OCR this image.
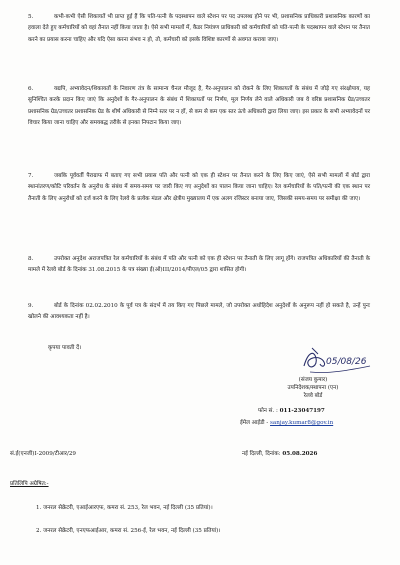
5.	कभी-कभी ऐसी शिकायतें भी प्राप्त हुई हैं कि पति-पत्नी के पदस्थापन वाले स्टेशन पर पद उपलब्ध होने पर भी, प्रशासनिक प्राधिकारी प्रशासनिक कारणों का हवाला देते हुए कर्मचारियों को वहां तैनात नहीं किया जाता है। ऐसे सभी मामलों में, कैडर नियंत्रण प्राधिकारी को कर्मचारियों को पति-पत्नी के पदस्थापन वाले स्टेशन पर तैनात करने का प्रयास करना चाहिए और यदि ऐसा करना संभव न हो, तो, कर्मचारी को इसके विशिष्ट कारणों से अवगत कराया जाए।

6.	यद्यपि, अभ्यावेदन/शिकायतों के निवारण तंत्र के सामान्य चैनल मौजूद है, गैर-अनुपालन को रोकने के लिए शिकायतों के संबंध में जोड़े गए संरक्षोपाय, यह सुनिश्चित करके प्रदान किए जाएं कि अनुदेशों के गैर-अनुपालन के संबंध में शिकायतों पर निर्णय, मूल निर्णय लेने वाले अधिकारी जब वे वरिष्ठ प्रशासनिक ग्रेड/उच्चतर प्रशासनिक ग्रेड/उच्चतर प्रशासनिक ग्रेड के शीर्ष अधिकारी से निम्ने स्तर पर न हों, से कम से कम एक स्तर ऊंचे अधिकारी द्वारा लिया जाए। इस प्रकार के सभी अभ्यावेदनों पर विचार किया जाना चाहिए और समयबद्ध तरीके से इनका निपटान किया जाए।

7.	जबकि पूर्ववर्ती पैराग्राफ में बताए गए सभी प्रयास पति और पत्नी को एक ही स्टेशन पर तैनात करने के लिए किए जाएं, ऐसे सभी मामलों में बोर्ड द्वारा स्थानांतरण/कोटि परिवर्तन के अनुरोध के संबंध में समय-समय पर जारी किए गए अनुदेशों का पालन किया जाना चाहिए। रेल कर्मचारियों के पति/पत्नी की एक स्थान पर तैनाती के लिए अनुरोधों को दर्ज करने के लिए रेलवे के प्रत्येक मंडल और क्षेत्रीय मुख्यालय में एक अलग रजिस्टर बनाया जाए, जिसकी समय-समय पर समीक्षा की जाए।

8.	उपरोक्त अनुदेश अराजपत्रित रेल कर्मचारियों के संबंध में पति और पत्नी को एक ही स्टेशन पर तैनाती के लिए लागू होंगे। राजपत्रित अधिकारियों की तैनाती के मामले में रेलवे बोर्ड के दिनांक 31.08.2015 के पत्र संख्या ई(ओ)III/2014/पीएल/05 द्वारा शासित होगी।

9.	बोर्ड के दिनांक 02.02.2010 के पूर्व पत्र के संदर्भ में तय किए गए पिछले मामले, जो उपरोक्त अधोहिदेश अनुदेशों के अनुरूप नहीं हो सकते है, उन्हें पुनः खोलने की आवश्यकता नहीं है।

कृपया पावती दें।

05/08/26

(संजय कुमार)

उपनिदेशक/स्थापना (एन)

रेलवे बोर्ड

फोन सं. : 011-23047197

ईमेल आईडी - sanjay.kumar8@gov.in

सं.ई(एनजी)I-2009/टीआर/29	नई दिल्ली, दिनांक: 05.08.2026

प्रतिलिपि अग्रेषित:-

1. जनरल सेक्रेटरी, एआईआरएफ, कमरा सं. 253, रेल भवन, नई दिल्ली (35 प्रतियां)।

2. जनरल सेक्रेटरी, एनएफआईआर, कमरा सं. 256-ई, रेल भवन, नई दिल्ली (35 प्रतियां)।
